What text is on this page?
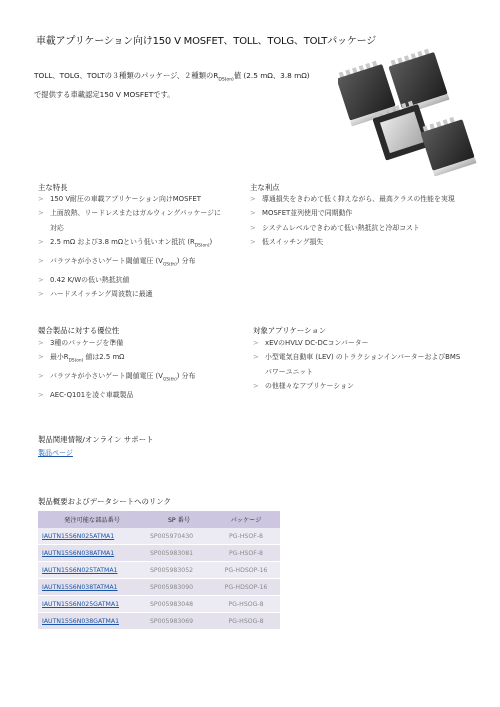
車載アプリケーション向け150 V MOSFET、TOLL、TOLG、TOLTパッケージ

TOLL、TOLG、TOLTの３種類のパッケージ、２種類の$R_{DS(on)}$値 (2.5 mΩ、3.8 mΩ)

で提供する車載認定150 V MOSFETです。

主な特長
> 150 V耐圧の車載アプリケーション向けMOSFET
> 上面放熱、リードレスまたはガルウィングパッケージに
対応
> 2.5 mΩ および3.8 mΩという低いオン抵抗 $(R_{DS(on)})$
> バラツキが小さいゲート閾値電圧 $(V_{GS(th)})$ 分布
> 0.42 K/Wの低い熱抵抗値
> ハードスイッチング周波数に最適
主な利点
> 導通損失をきわめて低く抑えながら、最高クラスの性能を実現
> MOSFET並列使用で同期動作
> システムレベルできわめて低い熱抵抗と冷却コスト
> 低スイッチング損失
競合製品に対する優位性
> 3種のパッケージを準備
> 最小$R_{DS(on)}$ 値は2.5 mΩ
> バラツキが小さいゲート閾値電圧 $(V_{GS(th)})$ 分布
> AEC-Q101を凌ぐ車載製品
対象アプリケーション
> xEVのHVLV DC-DCコンバーター
> 小型電気自動車 (LEV) のトラクションインバーターおよびBMS
パワーユニット
> の他様々なアプリケーション
製品関連情報/オンライン サポート
製品ページ
製品概要およびデータシートへのリンク
発注可能な部品番号	SP 番号	パッケージ
IAUTN15S6N025ATMA1	SP005970430	PG-HSOF-8
IAUTN15S6N038ATMA1	SP005983081	PG-HSOF-8
IAUTN15S6N025TATMA1	SP005983052	PG-HDSOP-16
IAUTN15S6N038TATMA1	SP005983090	PG-HDSOP-16
IAUTN15S6N025GATMA1	SP005983048	PG-HSOG-8
IAUTN15S6N038GATMA1	SP005983069	PG-HSOG-8
